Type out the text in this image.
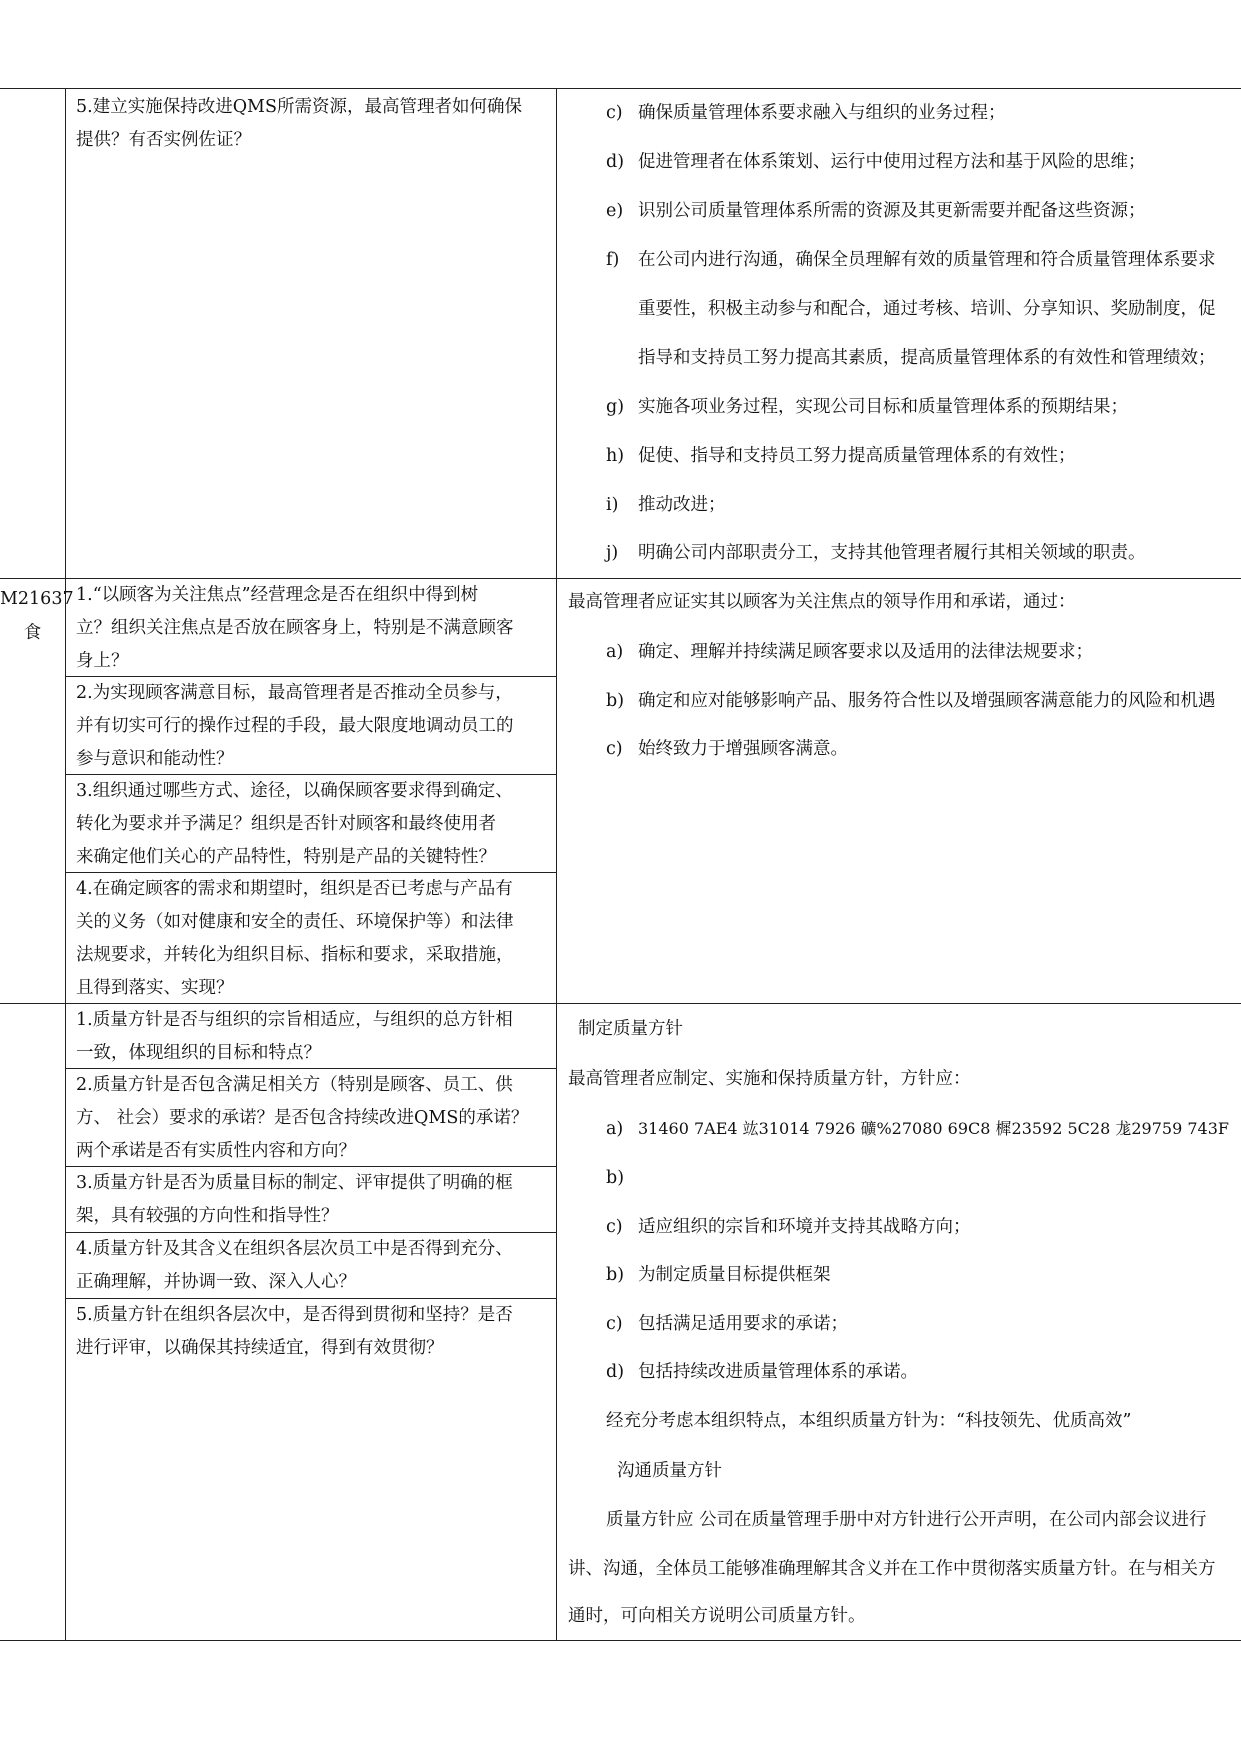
5.建立实施保持改进QMS所需资源，最高管理者如何确保
提供？有否实例佐证？
c) 确保质量管理体系要求融入与组织的业务过程；
d) 促进管理者在体系策划、运行中使用过程方法和基于风险的思维；
e) 识别公司质量管理体系所需的资源及其更新需要并配备这些资源；
f) 在公司内进行沟通，确保全员理解有效的质量管理和符合质量管理体系要求
重要性，积极主动参与和配合，通过考核、培训、分享知识、奖励制度，促
指导和支持员工努力提高其素质，提高质量管理体系的有效性和管理绩效；
g) 实施各项业务过程，实现公司目标和质量管理体系的预期结果；
h) 促使、指导和支持员工努力提高质量管理体系的有效性；
i) 推动改进；
j) 明确公司内部职责分工，支持其他管理者履行其相关领域的职责。
M21637
食
1.“以顾客为关注焦点”经营理念是否在组织中得到树
立？组织关注焦点是否放在顾客身上，特别是不满意顾客
身上？
2.为实现顾客满意目标，最高管理者是否推动全员参与，
并有切实可行的操作过程的手段，最大限度地调动员工的
参与意识和能动性？
3.组织通过哪些方式、途径，以确保顾客要求得到确定、
转化为要求并予满足？组织是否针对顾客和最终使用者
来确定他们关心的产品特性，特别是产品的关键特性？
4.在确定顾客的需求和期望时，组织是否已考虑与产品有
关的义务（如对健康和安全的责任、环境保护等）和法律
法规要求，并转化为组织目标、指标和要求，采取措施，
且得到落实、实现？
最高管理者应证实其以顾客为关注焦点的领导作用和承诺，通过：
a) 确定、理解并持续满足顾客要求以及适用的法律法规要求；
b) 确定和应对能够影响产品、服务符合性以及增强顾客满意能力的风险和机遇
c) 始终致力于增强顾客满意。
1.质量方针是否与组织的宗旨相适应，与组织的总方针相
一致，体现组织的目标和特点？
2.质量方针是否包含满足相关方（特别是顾客、员工、供
方、 社会）要求的承诺？是否包含持续改进QMS的承诺？
两个承诺是否有实质性内容和方向？
3.质量方针是否为质量目标的制定、评审提供了明确的框
架，具有较强的方向性和指导性？
4.质量方针及其含义在组织各层次员工中是否得到充分、
正确理解，并协调一致、深入人心？
5.质量方针在组织各层次中，是否得到贯彻和坚持？是否
进行评审，以确保其持续适宜，得到有效贯彻？
制定质量方针
最高管理者应制定、实施和保持质量方针，方针应：
a) 31460 7AE4 竑31014 7926 礦%27080 69C8 樨23592 5C28 尨29759 743F
b)
c) 适应组织的宗旨和环境并支持其战略方向；
b) 为制定质量目标提供框架
c) 包括满足适用要求的承诺；
d) 包括持续改进质量管理体系的承诺。
经充分考虑本组织特点，本组织质量方针为：“科技领先、优质高效”
沟通质量方针
质量方针应 公司在质量管理手册中对方针进行公开声明，在公司内部会议进行
讲、沟通，全体员工能够准确理解其含义并在工作中贯彻落实质量方针。在与相关方
通时，可向相关方说明公司质量方针。
